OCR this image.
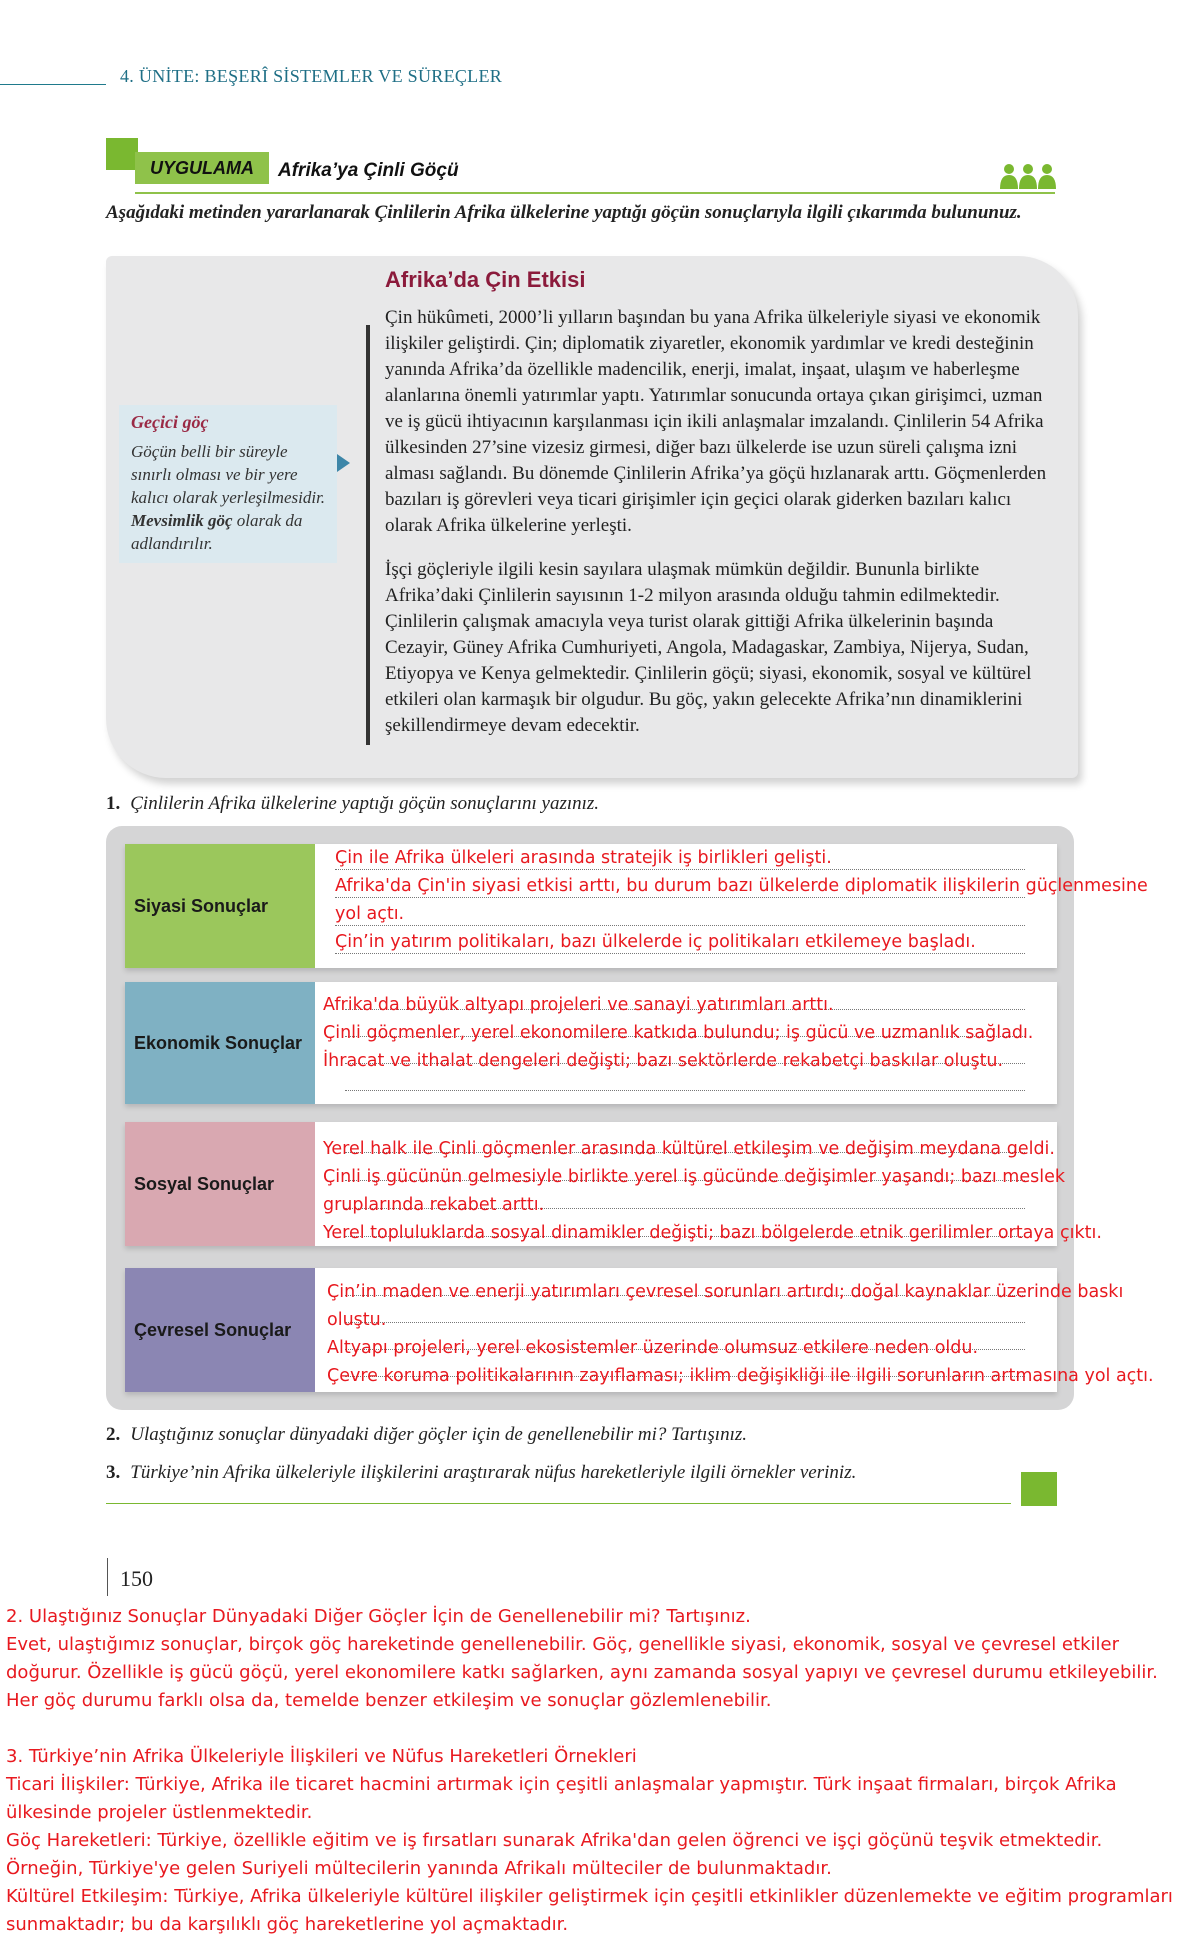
4. ÜNİTE: BEŞERÎ SİSTEMLER VE SÜREÇLER
UYGULAMA	Afrika’ya Çinli Göçü
Aşağıdaki metinden yararlanarak Çinlilerin Afrika ülkelerine yaptığı göçün sonuçlarıyla ilgili çıkarımda bulununuz.
Afrika’da Çin Etkisi

Çin hükûmeti, 2000’li yılların başından bu yana Afrika ülkeleriyle siyasi ve ekonomik ilişkiler geliştirdi. Çin; diplomatik ziyaretler, ekonomik yardımlar ve kredi desteğinin yanında Afrika’da özellikle madencilik, enerji, imalat, inşaat, ulaşım ve haberleşme alanlarına önemli yatırımlar yaptı. Yatırımlar sonucunda ortaya çıkan girişimci, uzman ve iş gücü ihtiyacının karşılanması için ikili anlaşmalar imzalandı. Çinlilerin 54 Afrika ülkesinden 27’sine vizesiz girmesi, diğer bazı ülkelerde ise uzun süreli çalışma izni alması sağlandı. Bu dönemde Çinlilerin Afrika’ya göçü hızlanarak arttı. Göçmenlerden bazıları iş görevleri veya ticari girişimler için geçici olarak giderken bazıları kalıcı olarak Afrika ülkelerine yerleşti.

İşçi göçleriyle ilgili kesin sayılara ulaşmak mümkün değildir. Bununla birlikte Afrika’daki Çinlilerin sayısının 1-2 milyon arasında olduğu tahmin edilmektedir. Çinlilerin çalışmak amacıyla veya turist olarak gittiği Afrika ülkelerinin başında Cezayir, Güney Afrika Cumhuriyeti, Angola, Madagaskar, Zambiya, Nijerya, Sudan, Etiyopya ve Kenya gelmektedir. Çinlilerin göçü; siyasi, ekonomik, sosyal ve kültürel etkileri olan karmaşık bir olgudur. Bu göç, yakın gelecekte Afrika’nın dinamiklerini şekillendirmeye devam edecektir.

Geçici göç
Göçün belli bir süreyle sınırlı olması ve bir yere kalıcı olarak yerleşilmesidir. Mevsimlik göç olarak da adlandırılır.
1. Çinlilerin Afrika ülkelerine yaptığı göçün sonuçlarını yazınız.
Siyasi Sonuçlar
Çin ile Afrika ülkeleri arasında stratejik iş birlikleri gelişti.
Afrika'da Çin'in siyasi etkisi arttı, bu durum bazı ülkelerde diplomatik ilişkilerin güçlenmesine
yol açtı.
Çin’in yatırım politikaları, bazı ülkelerde iç politikaları etkilemeye başladı.
Ekonomik Sonuçlar
Afrika'da büyük altyapı projeleri ve sanayi yatırımları arttı.
Çinli göçmenler, yerel ekonomilere katkıda bulundu; iş gücü ve uzmanlık sağladı.
İhracat ve ithalat dengeleri değişti; bazı sektörlerde rekabetçi baskılar oluştu.
Sosyal Sonuçlar
Yerel halk ile Çinli göçmenler arasında kültürel etkileşim ve değişim meydana geldi.
Çinli iş gücünün gelmesiyle birlikte yerel iş gücünde değişimler yaşandı; bazı meslek
gruplarında rekabet arttı.
Yerel topluluklarda sosyal dinamikler değişti; bazı bölgelerde etnik gerilimler ortaya çıktı.
Çevresel Sonuçlar
Çin’in maden ve enerji yatırımları çevresel sorunları artırdı; doğal kaynaklar üzerinde baskı
oluştu.
Altyapı projeleri, yerel ekosistemler üzerinde olumsuz etkilere neden oldu.
Çevre koruma politikalarının zayıflaması; iklim değişikliği ile ilgili sorunların artmasına yol açtı.
2. Ulaştığınız sonuçlar dünyadaki diğer göçler için de genellenebilir mi? Tartışınız.
3. Türkiye’nin Afrika ülkeleriyle ilişkilerini araştırarak nüfus hareketleriyle ilgili örnekler veriniz.
150

2. Ulaştığınız Sonuçlar Dünyadaki Diğer Göçler İçin de Genellenebilir mi? Tartışınız.

Evet, ulaştığımız sonuçlar, birçok göç hareketinde genellenebilir. Göç, genellikle siyasi, ekonomik, sosyal ve çevresel etkiler doğurur. Özellikle iş gücü göçü, yerel ekonomilere katkı sağlarken, aynı zamanda sosyal yapıyı ve çevresel durumu etkileyebilir. Her göç durumu farklı olsa da, temelde benzer etkileşim ve sonuçlar gözlemlenebilir.

3. Türkiye’nin Afrika Ülkeleriyle İlişkileri ve Nüfus Hareketleri Örnekleri

Ticari İlişkiler: Türkiye, Afrika ile ticaret hacmini artırmak için çeşitli anlaşmalar yapmıştır. Türk inşaat firmaları, birçok Afrika ülkesinde projeler üstlenmektedir.

Göç Hareketleri: Türkiye, özellikle eğitim ve iş fırsatları sunarak Afrika'dan gelen öğrenci ve işçi göçünü teşvik etmektedir. Örneğin, Türkiye'ye gelen Suriyeli mültecilerin yanında Afrikalı mülteciler de bulunmaktadır.

Kültürel Etkileşim: Türkiye, Afrika ülkeleriyle kültürel ilişkiler geliştirmek için çeşitli etkinlikler düzenlemekte ve eğitim programları sunmaktadır; bu da karşılıklı göç hareketlerine yol açmaktadır.
